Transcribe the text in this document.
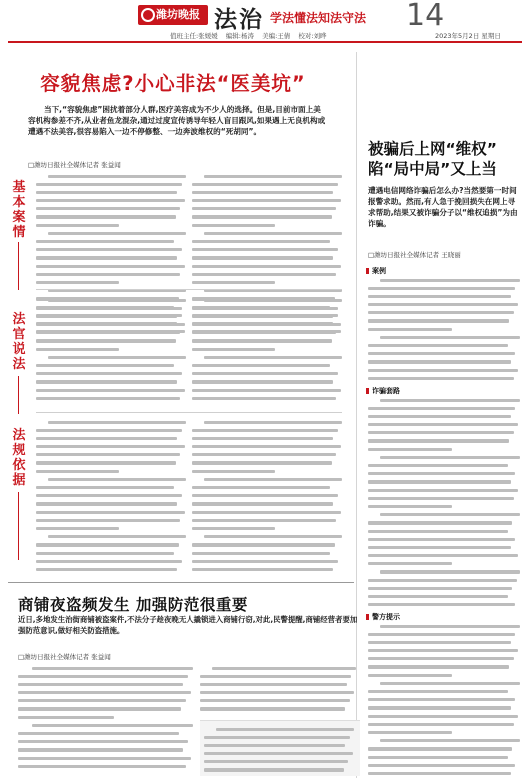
潍坊晚报 法治 学法懂法知法守法 14
值班主任:张媛媛 编辑:杨涛 美编:王倩 校对:刘晔	2023年5月2日 星期日
容貌焦虑?小心非法“医美坑”
当下,“容貌焦虑”困扰着部分人群,医疗美容成为不少人的选择。但是,目前市面上美容机构参差不齐,从业者鱼龙混杂,通过过度宣传诱导年轻人盲目跟风,如果遇上无良机构或遭遇不法美容,很容易陷入一边不停修整、一边奔波维权的“死胡同”。
□潍坊日报社全媒体记者 张益闻
基本案情
法官说法
法规依据
被骗后上网“维权” 陷“局中局”又上当
遭遇电信网络诈骗后怎么办?当然要第一时间报警求助。然而,有人急于挽回损失在网上寻求帮助,结果又被诈骗分子以“维权追损”为由诈骗。
□潍坊日报社全媒体记者 王晓丽
案例
诈骗套路
警方提示
商铺夜盗频发生 加强防范很重要
近日,多地发生治街商铺被盗案件,不法分子趁夜晚无人撬锁进入商铺行窃,对此,民警提醒,商铺经营者要加强防范意识,做好相关防盗措施。
□潍坊日报社全媒体记者 张益闻
